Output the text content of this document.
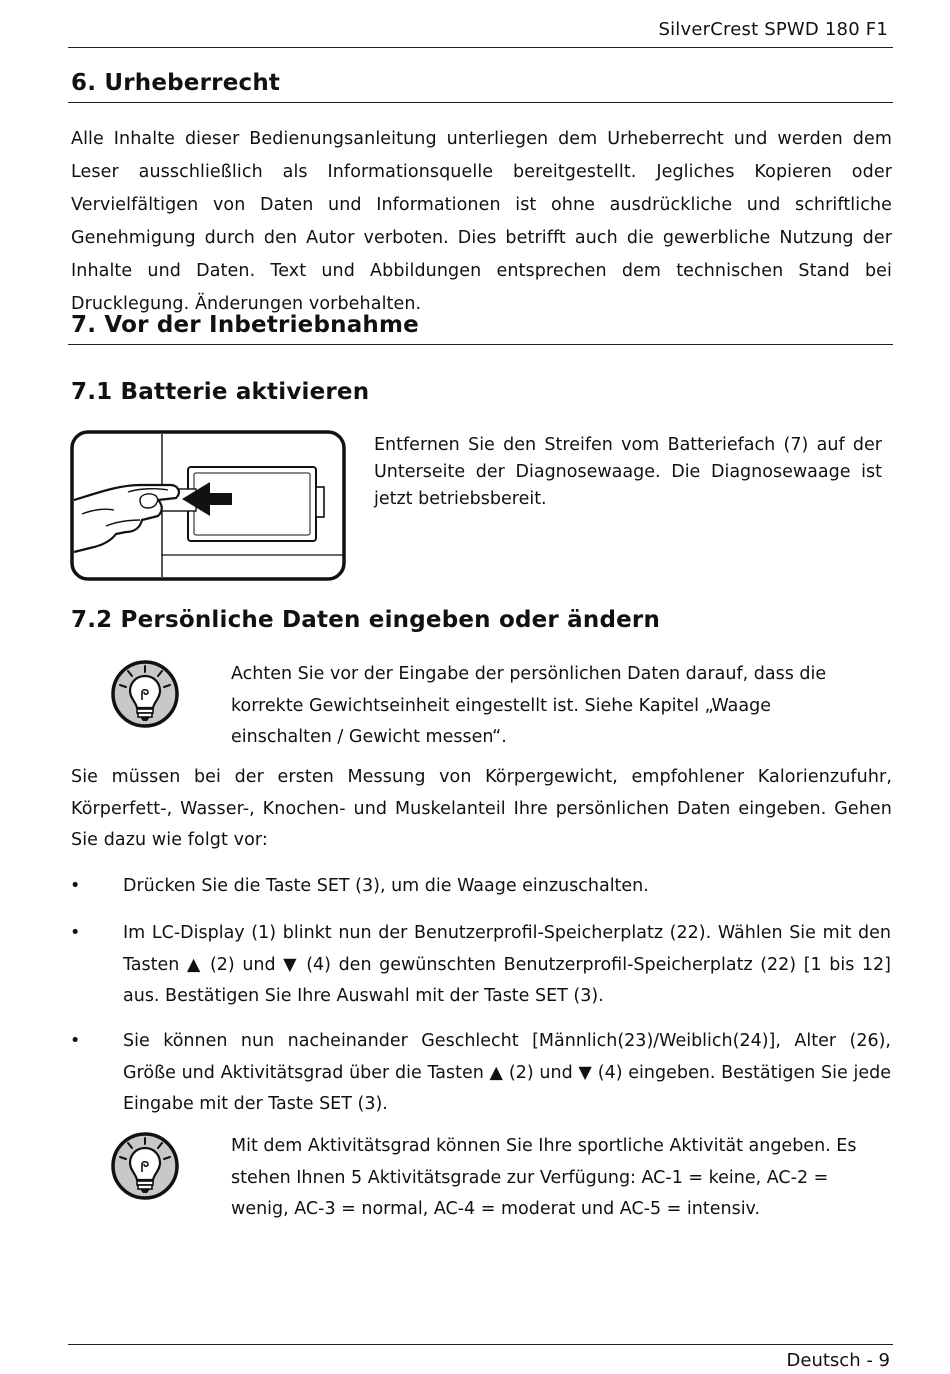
SilverCrest SPWD 180 F1
6. Urheberrecht

Alle Inhalte dieser Bedienungsanleitung unterliegen dem Urheberrecht und werden dem Leser ausschließlich als Informationsquelle bereitgestellt. Jegliches Kopieren oder Vervielfältigen von Daten und Informationen ist ohne ausdrückliche und schriftliche Genehmigung durch den Autor verboten. Dies betrifft auch die gewerbliche Nutzung der Inhalte und Daten. Text und Abbildungen entsprechen dem technischen Stand bei Drucklegung. Änderungen vorbehalten.

7. Vor der Inbetriebnahme
7.1 Batterie aktivieren

Entfernen Sie den Streifen vom Batteriefach (7) auf der Unterseite der Diagnosewaage. Die Diagnosewaage ist jetzt betriebsbereit.

7.2 Persönliche Daten eingeben oder ändern

Achten Sie vor der Eingabe der persönlichen Daten darauf, dass die korrekte Gewichtseinheit eingestellt ist. Siehe Kapitel „Waage einschalten / Gewicht messen“.

Sie müssen bei der ersten Messung von Körpergewicht, empfohlener Kalorienzufuhr, Körperfett-, Wasser-, Knochen- und Muskelanteil Ihre persönlichen Daten eingeben. Gehen Sie dazu wie folgt vor:

• Drücken Sie die Taste SET (3), um die Waage einzuschalten.

• Im LC-Display (1) blinkt nun der Benutzerprofil-Speicherplatz (22). Wählen Sie mit den Tasten ▲ (2) und ▼ (4) den gewünschten Benutzerprofil-Speicherplatz (22) [1 bis 12] aus. Bestätigen Sie Ihre Auswahl mit der Taste SET (3).

• Sie können nun nacheinander Geschlecht [Männlich(23)/Weiblich(24)], Alter (26), Größe und Aktivitätsgrad über die Tasten ▲ (2) und ▼ (4) eingeben. Bestätigen Sie jede Eingabe mit der Taste SET (3).

Mit dem Aktivitätsgrad können Sie Ihre sportliche Aktivität angeben. Es stehen Ihnen 5 Aktivitätsgrade zur Verfügung: AC-1 = keine, AC-2 = wenig, AC-3 = normal, AC-4 = moderat und AC-5 = intensiv.

Deutsch - 9
